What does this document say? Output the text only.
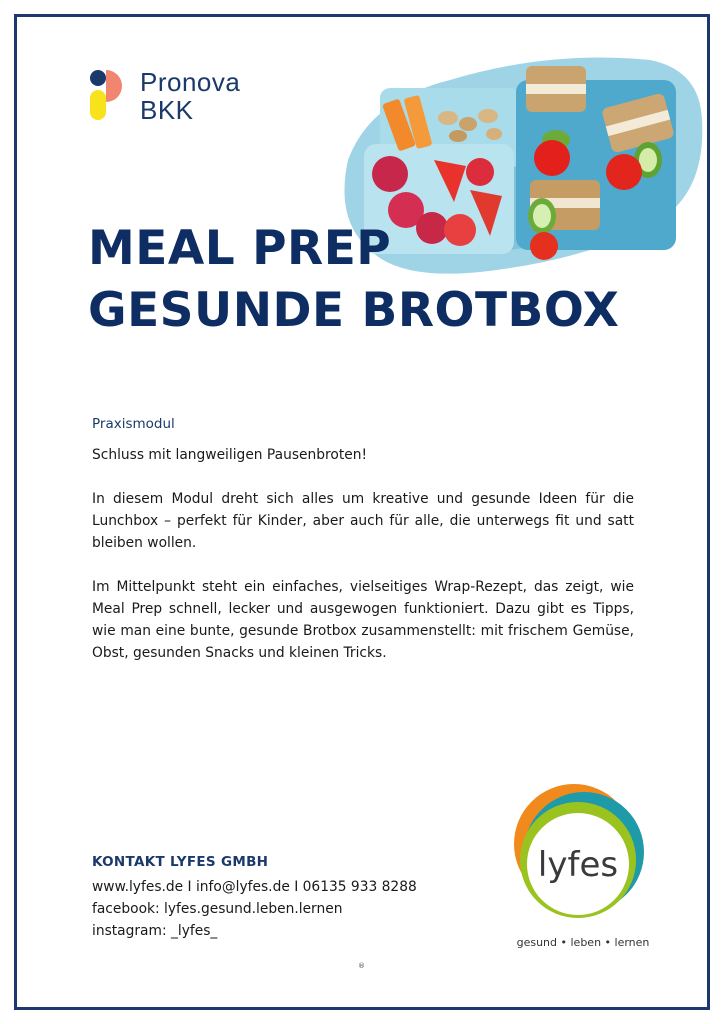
Pronova
BKK
MEAL PREP
GESUNDE BROTBOX
Praxismodul

Schluss mit langweiligen Pausenbroten!

In diesem Modul dreht sich alles um kreative und gesunde Ideen für die Lunchbox – perfekt für Kinder, aber auch für alle, die unterwegs fit und satt bleiben wollen.

Im Mittelpunkt steht ein einfaches, vielseitiges Wrap-Rezept, das zeigt, wie Meal Prep schnell, lecker und ausgewogen funktioniert. Dazu gibt es Tipps, wie man eine bunte, gesunde Brotbox zusammenstellt: mit frischem Gemüse, Obst, gesunden Snacks und kleinen Tricks.

KONTAKT LYFES GMBH
www.lyfes.de I info@lyfes.de I 06135 933 8288
facebook: lyfes.gesund.leben.lernen
instagram: _lyfes_
lyfes
gesund • leben • lernen
®
